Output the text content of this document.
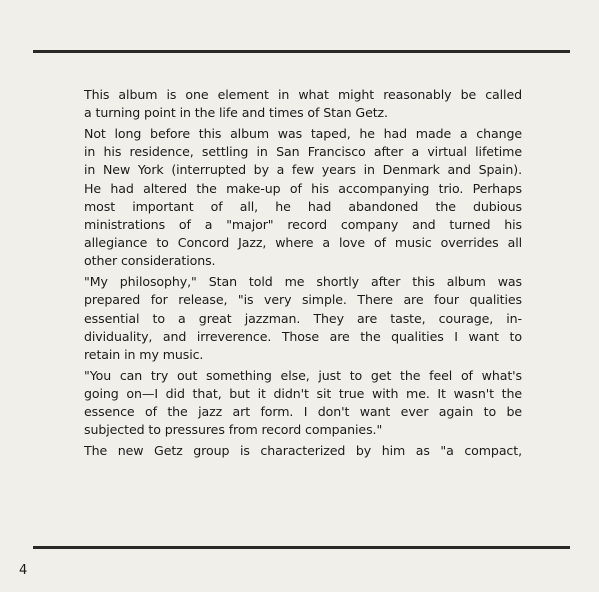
This album is one element in what might reasonably be called
a turning point in the life and times of Stan Getz.

Not long before this album was taped, he had made a change
in his residence, settling in San Francisco after a virtual lifetime
in New York (interrupted by a few years in Denmark and Spain).
He had altered the make-up of his accompanying trio. Perhaps
most important of all, he had abandoned the dubious
ministrations of a "major" record company and turned his
allegiance to Concord Jazz, where a love of music overrides all
other considerations.

"My philosophy," Stan told me shortly after this album was
prepared for release, "is very simple. There are four qualities
essential to a great jazzman. They are taste, courage, in-
dividuality, and irreverence. Those are the qualities I want to
retain in my music.

"You can try out something else, just to get the feel of what's
going on—I did that, but it didn't sit true with me. It wasn't the
essence of the jazz art form. I don't want ever again to be
subjected to pressures from record companies."

The new Getz group is characterized by him as "a compact,

4
